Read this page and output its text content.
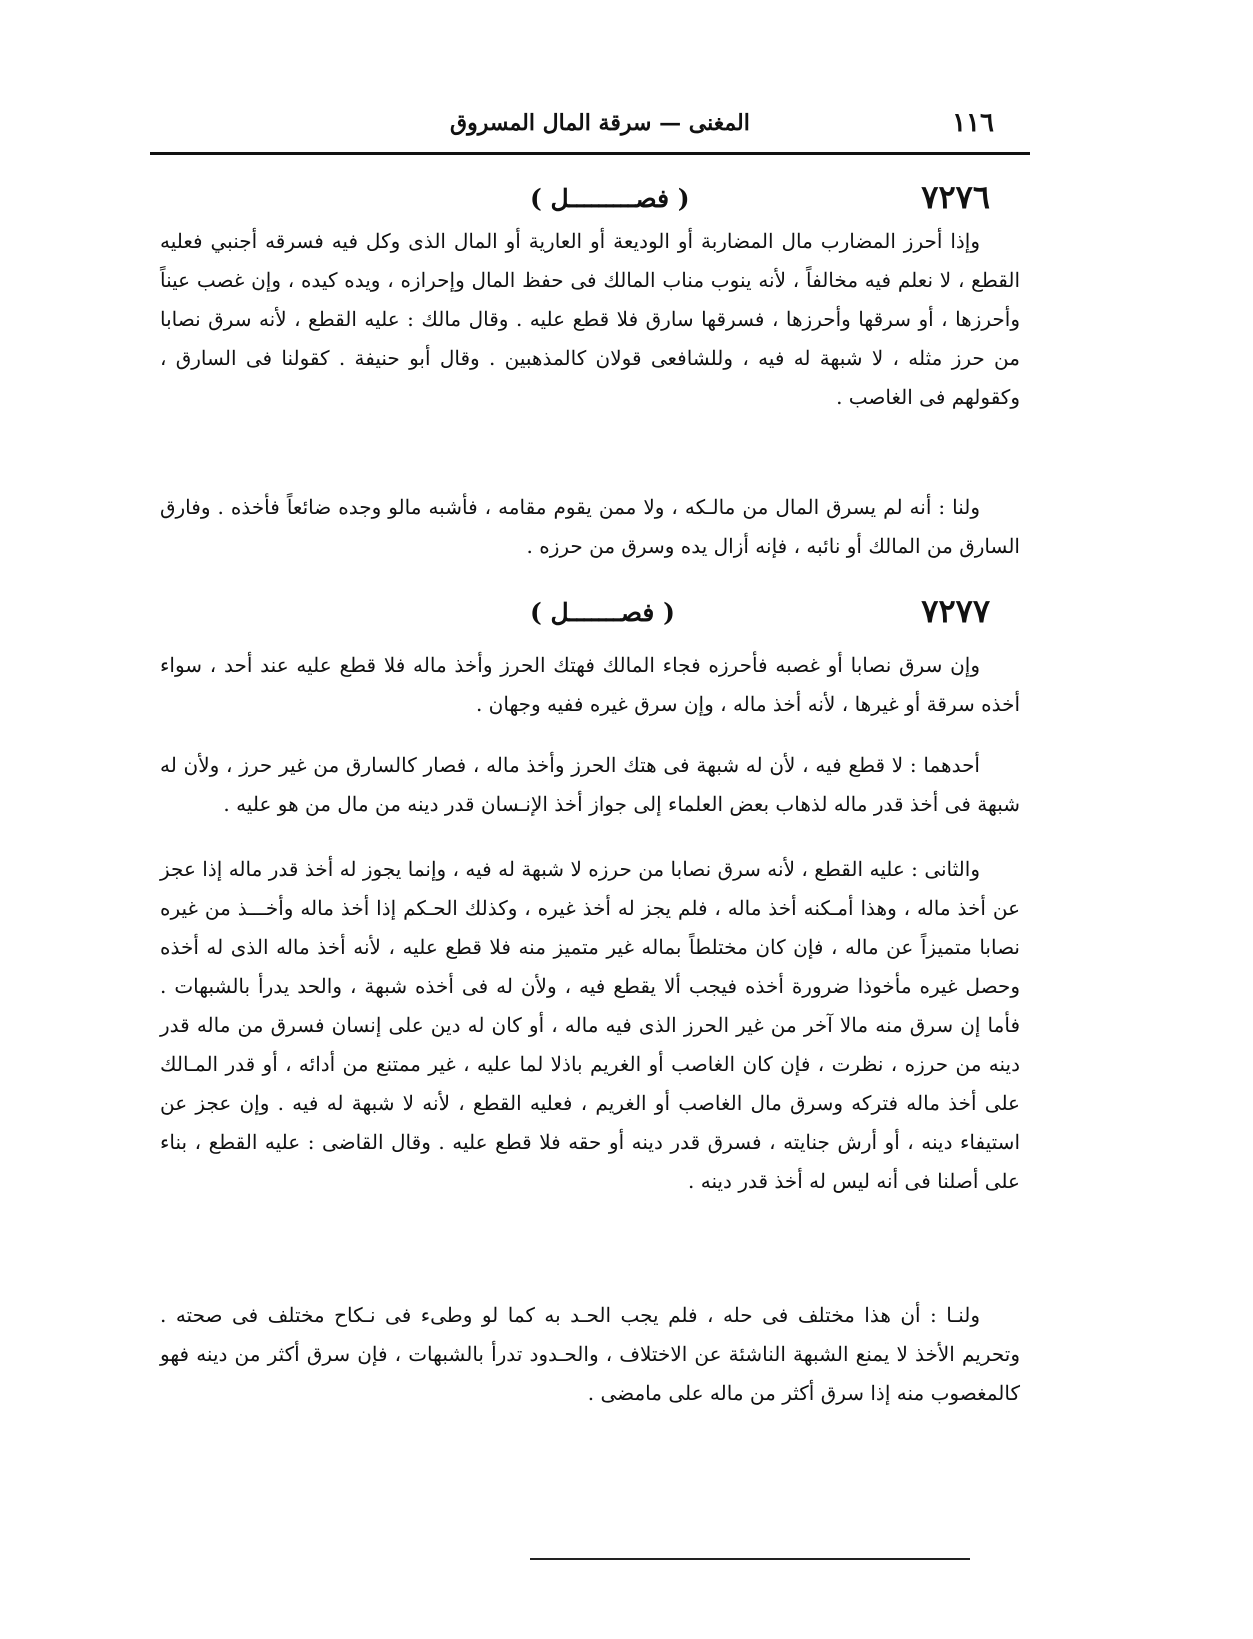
١١٦
المغنى — سرقة المال المسروق
٧٢٧٦
( فصـــــــــل )

وإذا أحرز المضارب مال المضاربة أو الوديعة أو العارية أو المال الذى وكل فيه فسرقه أجنبي فعليه القطع ، لا نعلم فيه مخالفاً ، لأنه ينوب مناب المالك فى حفظ المال وإحرازه ، ويده كيده ، وإن غصب عيناً وأحرزها ، أو سرقها وأحرزها ، فسرقها سارق فلا قطع عليه . وقال مالك : عليه القطع ، لأنه سرق نصابا من حرز مثله ، لا شبهة له فيه ، وللشافعى قولان كالمذهبين . وقال أبو حنيفة . كقولنا فى السارق ، وكقولهم فى الغاصب .

ولنا : أنه لم يسرق المال من مالـكه ، ولا ممن يقوم مقامه ، فأشبه مالو وجده ضائعاً فأخذه . وفارق السارق من المالك أو نائبه ، فإنه أزال يده وسرق من حرزه .

٧٢٧٧
( فصـــــــل )

وإن سرق نصابا أو غصبه فأحرزه فجاء المالك فهتك الحرز وأخذ ماله فلا قطع عليه عند أحد ، سواء أخذه سرقة أو غيرها ، لأنه أخذ ماله ، وإن سرق غيره ففيه وجهان .

أحدهما : لا قطع فيه ، لأن له شبهة فى هتك الحرز وأخذ ماله ، فصار كالسارق من غير حرز ، ولأن له شبهة فى أخذ قدر ماله لذهاب بعض العلماء إلى جواز أخذ الإنـسان قدر دينه من مال من هو عليه .

والثانى : عليه القطع ، لأنه سرق نصابا من حرزه لا شبهة له فيه ، وإنما يجوز له أخذ قدر ماله إذا عجز عن أخذ ماله ، وهذا أمـكنه أخذ ماله ، فلم يجز له أخذ غيره ، وكذلك الحـكم إذا أخذ ماله وأخـــذ من غيره نصابا متميزاً عن ماله ، فإن كان مختلطاً بماله غير متميز منه فلا قطع عليه ، لأنه أخذ ماله الذى له أخذه وحصل غيره مأخوذا ضرورة أخذه فيجب ألا يقطع فيه ، ولأن له فى أخذه شبهة ، والحد يدرأ بالشبهات . فأما إن سرق منه مالا آخر من غير الحرز الذى فيه ماله ، أو كان له دين على إنسان فسرق من ماله قدر دينه من حرزه ، نظرت ، فإن كان الغاصب أو الغريم باذلا لما عليه ، غير ممتنع من أدائه ، أو قدر المـالك على أخذ ماله فتركه وسرق مال الغاصب أو الغريم ، فعليه القطع ، لأنه لا شبهة له فيه . وإن عجز عن استيفاء دينه ، أو أرش جنايته ، فسرق قدر دينه أو حقه فلا قطع عليه . وقال القاضى : عليه القطع ، بناء على أصلنا فى أنه ليس له أخذ قدر دينه .

ولنـا : أن هذا مختلف فى حله ، فلم يجب الحـد به كما لو وطىء فى نـكاح مختلف فى صحته . وتحريم الأخذ لا يمنع الشبهة الناشئة عن الاختلاف ، والحـدود تدرأ بالشبهات ، فإن سرق أكثر من دينه فهو كالمغصوب منه إذا سرق أكثر من ماله على مامضى .
